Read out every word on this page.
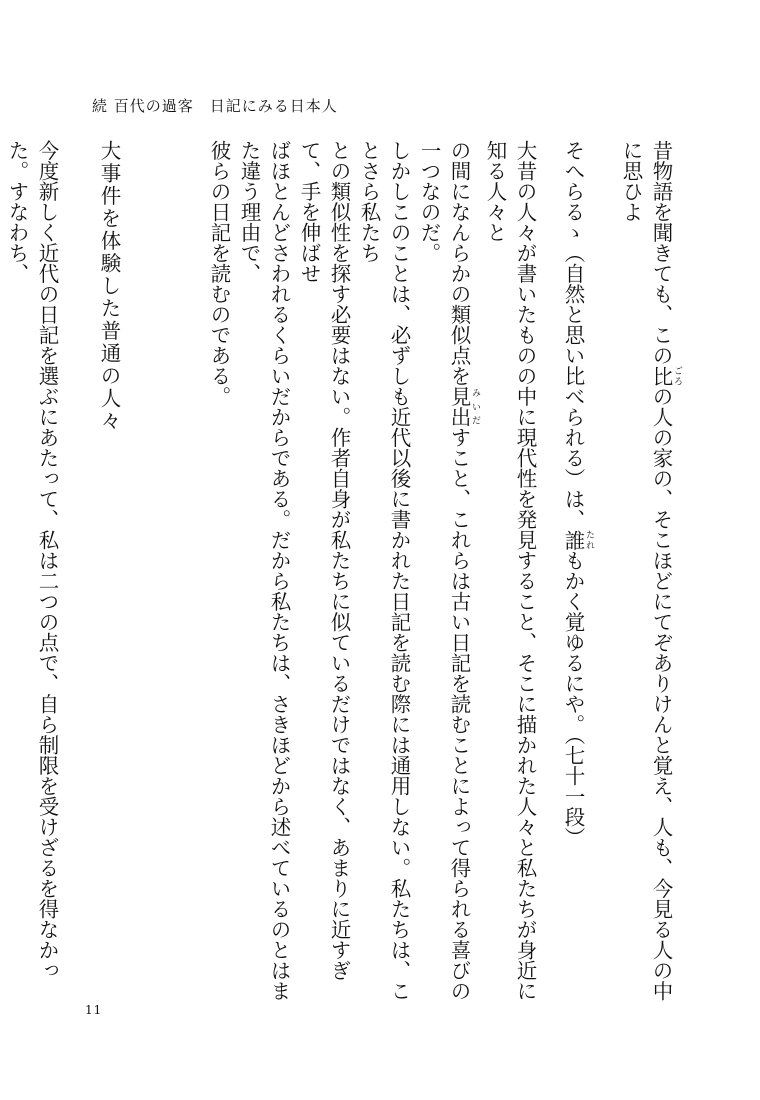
続 百代の過客　日記にみる日本人
昔物語を聞きても、この比 ごろの人の家の、そこほどにてぞありけんと覚え、人も、今見る人の中に思ひよ
そへらるゝ（自然と思い比べられる）は、誰 たれもかく覚ゆるにや。（七十一段）
大昔の人々が書いたものの中に現代性を発見すること、そこに描かれた人々と私たちが身近に知る人々と
の間になんらかの類似点を見出 みいだすこと、これらは古い日記を読むことによって得られる喜びの一つなのだ。
しかしこのことは、必ずしも近代以後に書かれた日記を読む際には通用しない。私たちは、ことさら私たち
との類似性を探す必要はない。作者自身が私たちに似ているだけではなく、あまりに近すぎて、手を伸ばせ
ばほとんどさわれるくらいだからである。だから私たちは、さきほどから述べているのとはまた違う理由で、
彼らの日記を読むのである。
大事件を体験した普通の人々
今度新しく近代の日記を選ぶにあたって、私は二つの点で、自ら制限を受けざるを得なかった。すなわち、
11
